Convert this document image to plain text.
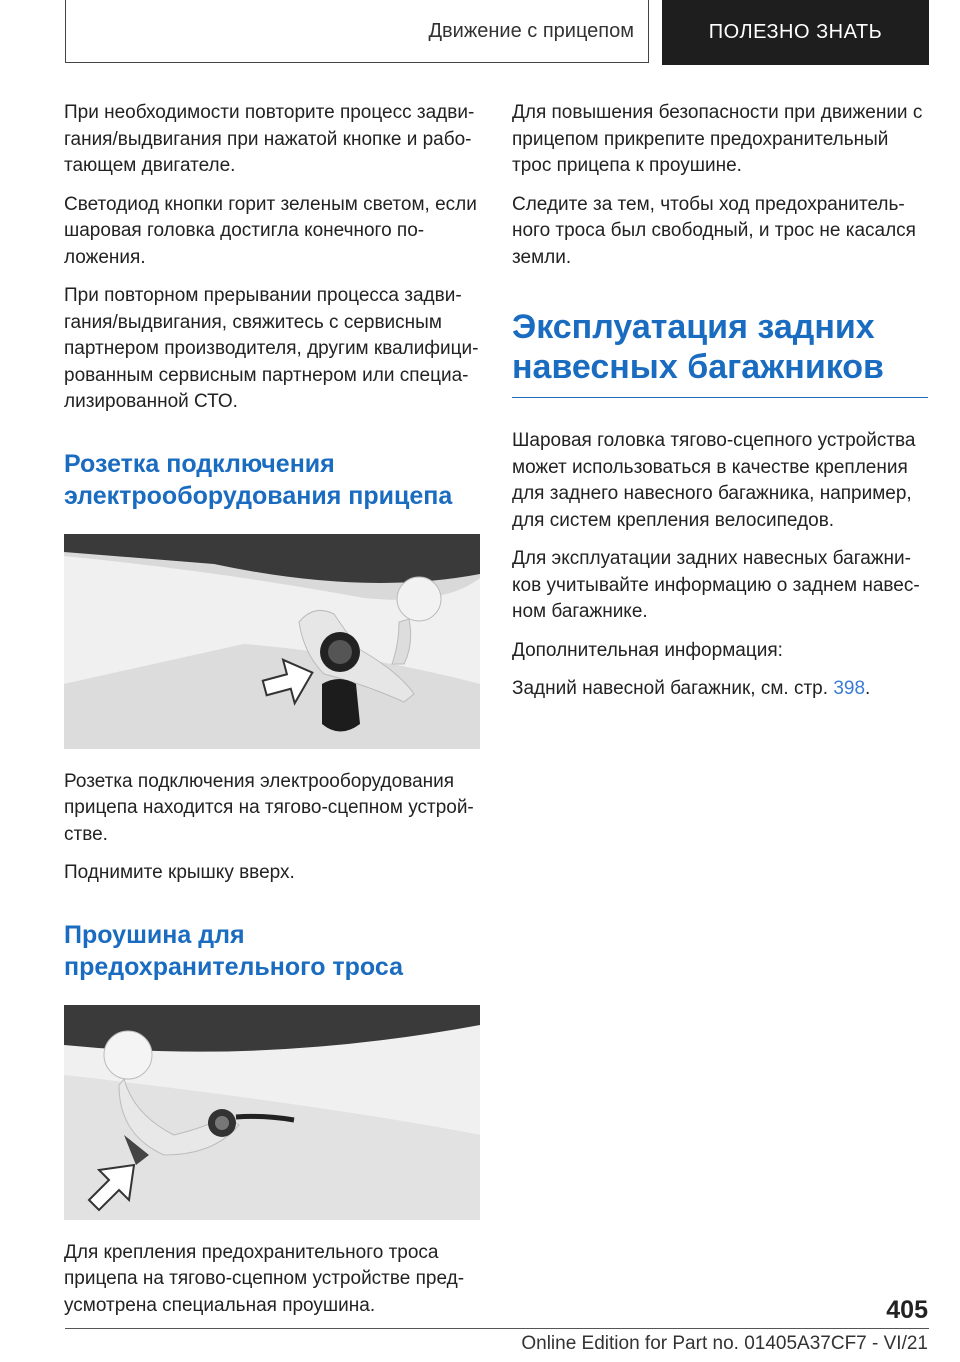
Движение с прицепом	ПОЛЕЗНО ЗНАТЬ

При необходимости повторите процесс задви-гания/выдвигания при нажатой кнопке и рабо-тающем двигателе.

Светодиод кнопки горит зеленым светом, если шаровая головка достигла конечного по-ложения.

При повторном прерывании процесса задви-гания/выдвигания, свяжитесь с сервисным партнером производителя, другим квалифици-рованным сервисным партнером или специа-лизированной СТО.

Розетка подключения
электрооборудования прицепа

Розетка подключения электрооборудования прицепа находится на тягово-сцепном устрой-стве.

Поднимите крышку вверх.

Проушина для
предохранительного троса

Для крепления предохранительного троса прицепа на тягово-сцепном устройстве пред-усмотрена специальная проушина.

Для повышения безопасности при движении с прицепом прикрепите предохранительный трос прицепа к проушине.

Следите за тем, чтобы ход предохранитель-ного троса был свободный, и трос не касался земли.

Эксплуатация задних
навесных багажников

Шаровая головка тягово-сцепного устройства может использоваться в качестве крепления для заднего навесного багажника, например, для систем крепления велосипедов.

Для эксплуатации задних навесных багажни-ков учитывайте информацию о заднем навес-ном багажнике.

Дополнительная информация:

Задний навесной багажник, см. стр. 398.

405
Online Edition for Part no. 01405A37CF7 - VI/21
